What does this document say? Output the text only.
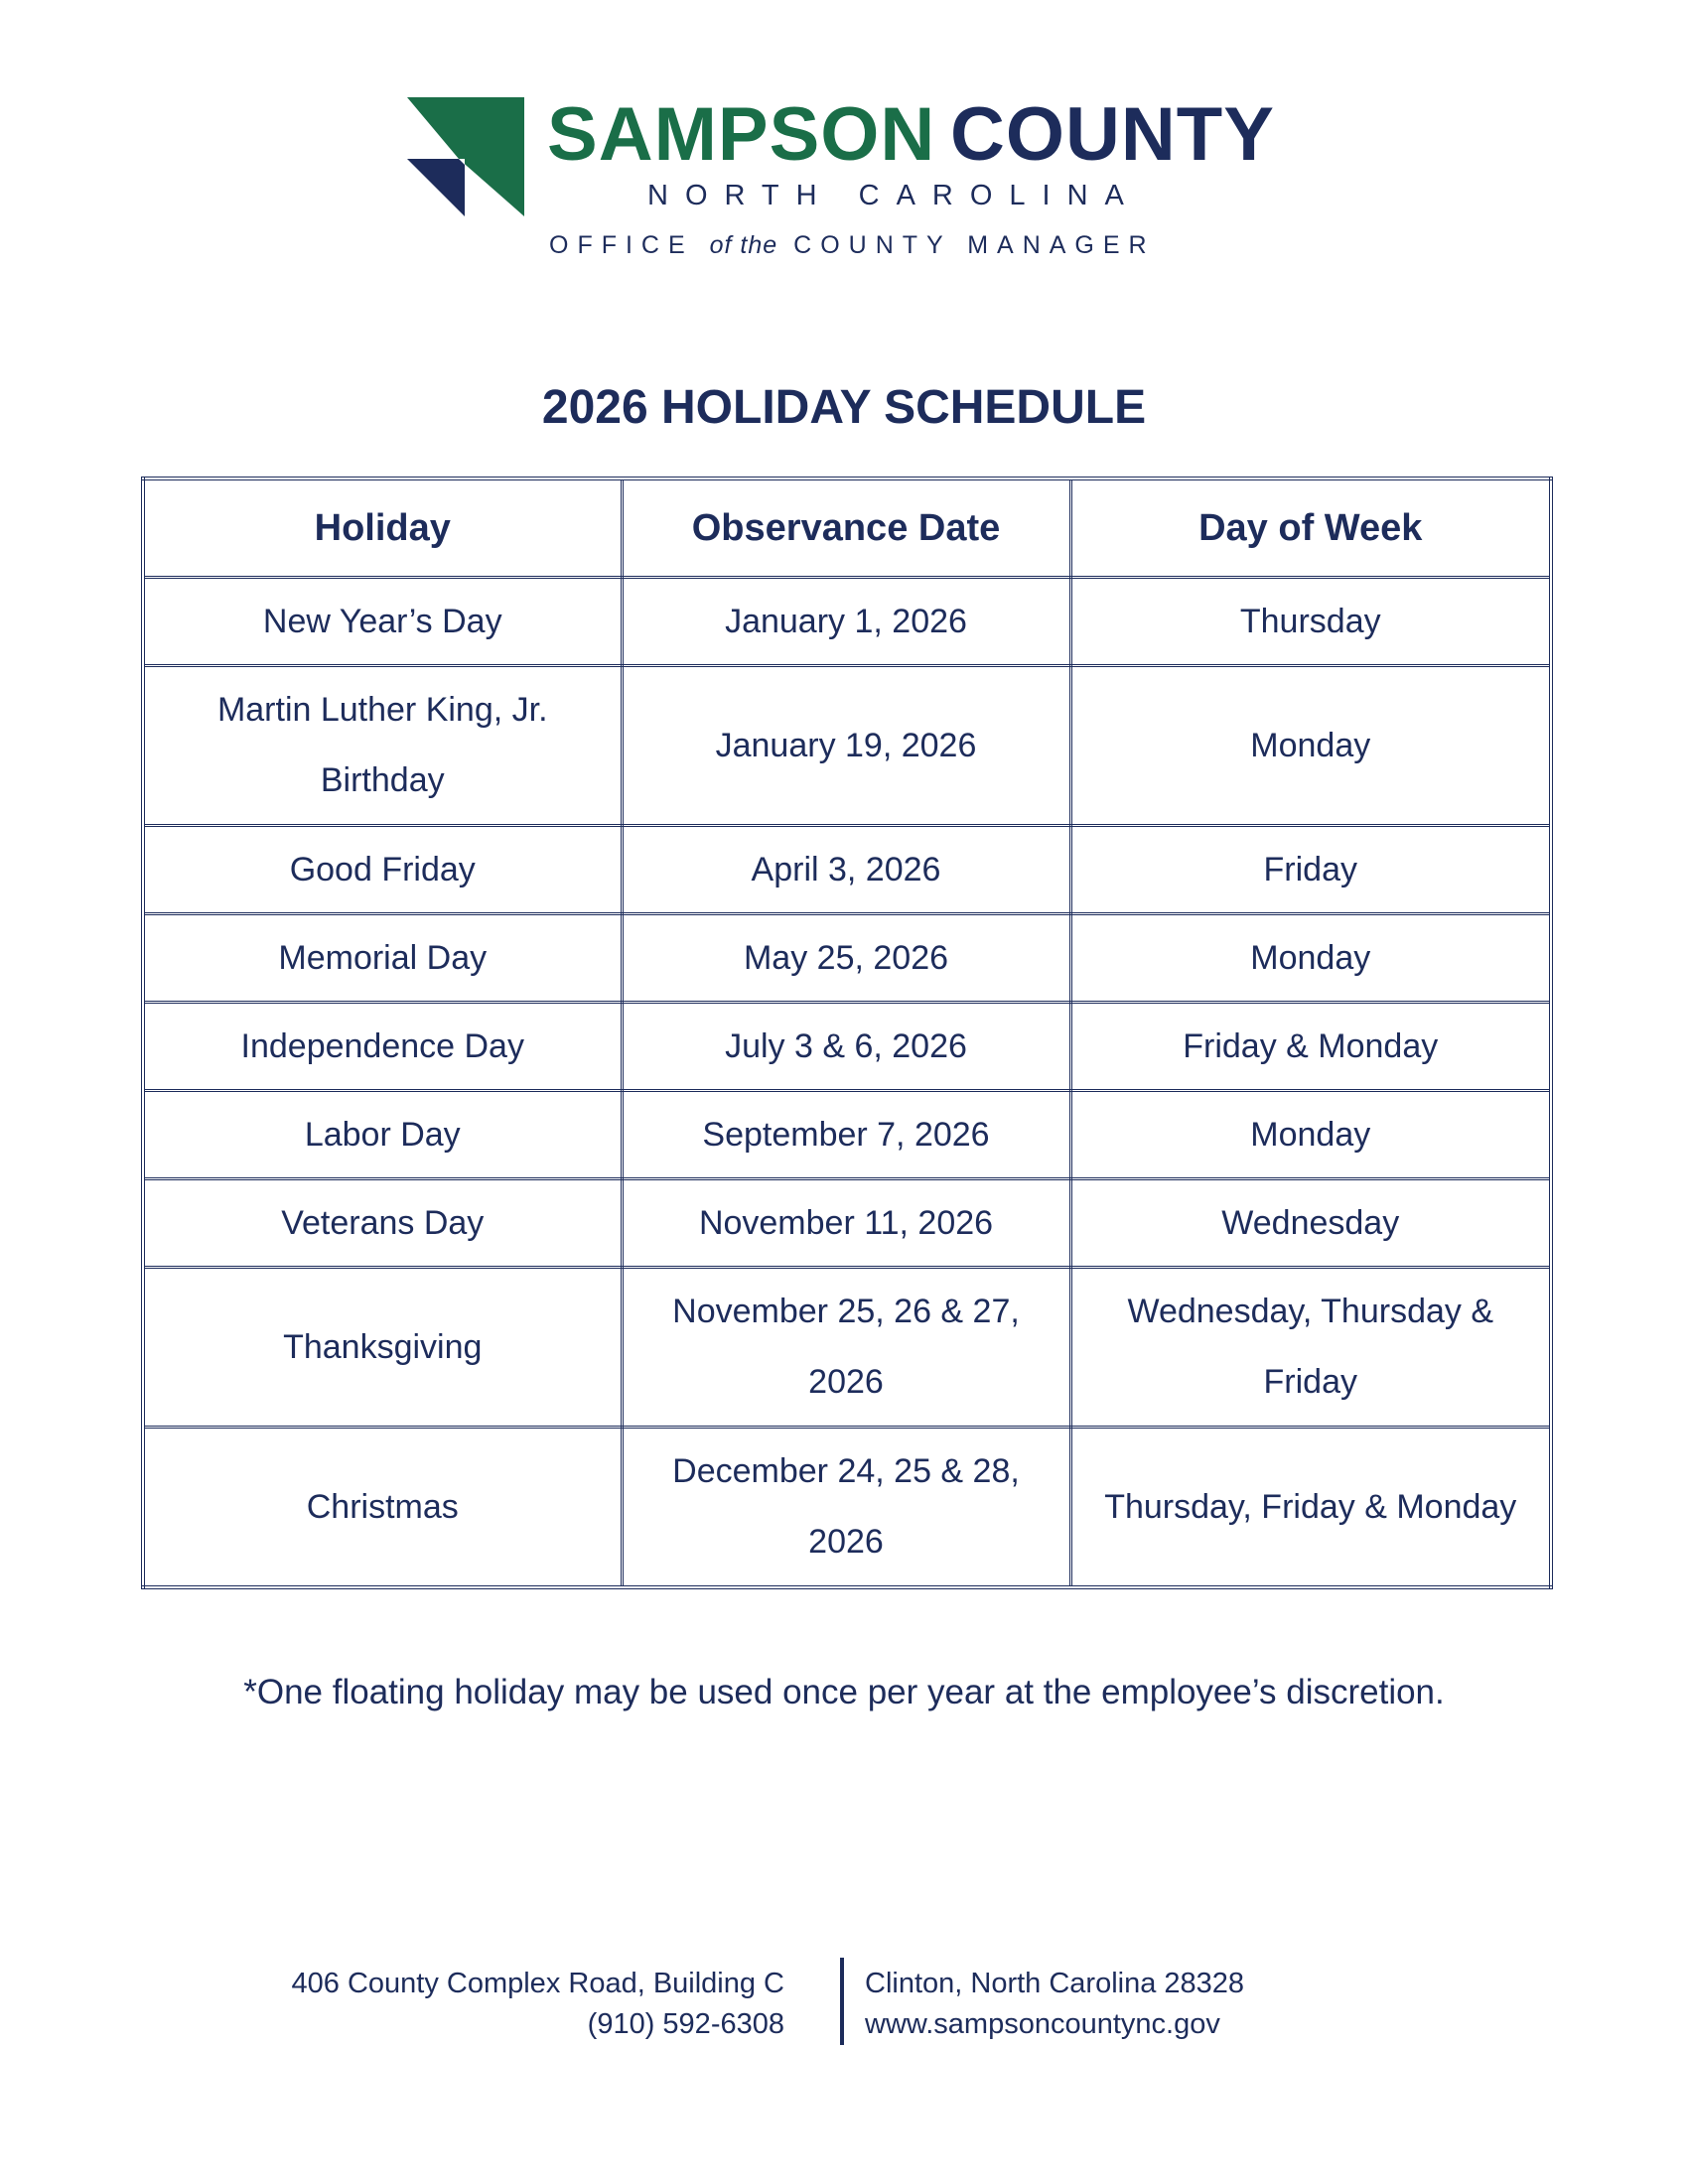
SAMPSON COUNTY
NORTH CAROLINA
OFFICE of the COUNTY MANAGER
2026 HOLIDAY SCHEDULE
Holiday	Observance Date	Day of Week
New Year’s Day	January 1, 2026	Thursday
Martin Luther King, Jr. Birthday	January 19, 2026	Monday
Good Friday	April 3, 2026	Friday
Memorial Day	May 25, 2026	Monday
Independence Day	July 3 & 6, 2026	Friday & Monday
Labor Day	September 7, 2026	Monday
Veterans Day	November 11, 2026	Wednesday
Thanksgiving	November 25, 26 & 27, 2026	Wednesday, Thursday & Friday
Christmas	December 24, 25 & 28, 2026	Thursday, Friday & Monday
*One floating holiday may be used once per year at the employee’s discretion.
406 County Complex Road, Building C
(910) 592-6308
Clinton, North Carolina 28328
www.sampsoncountync.gov
